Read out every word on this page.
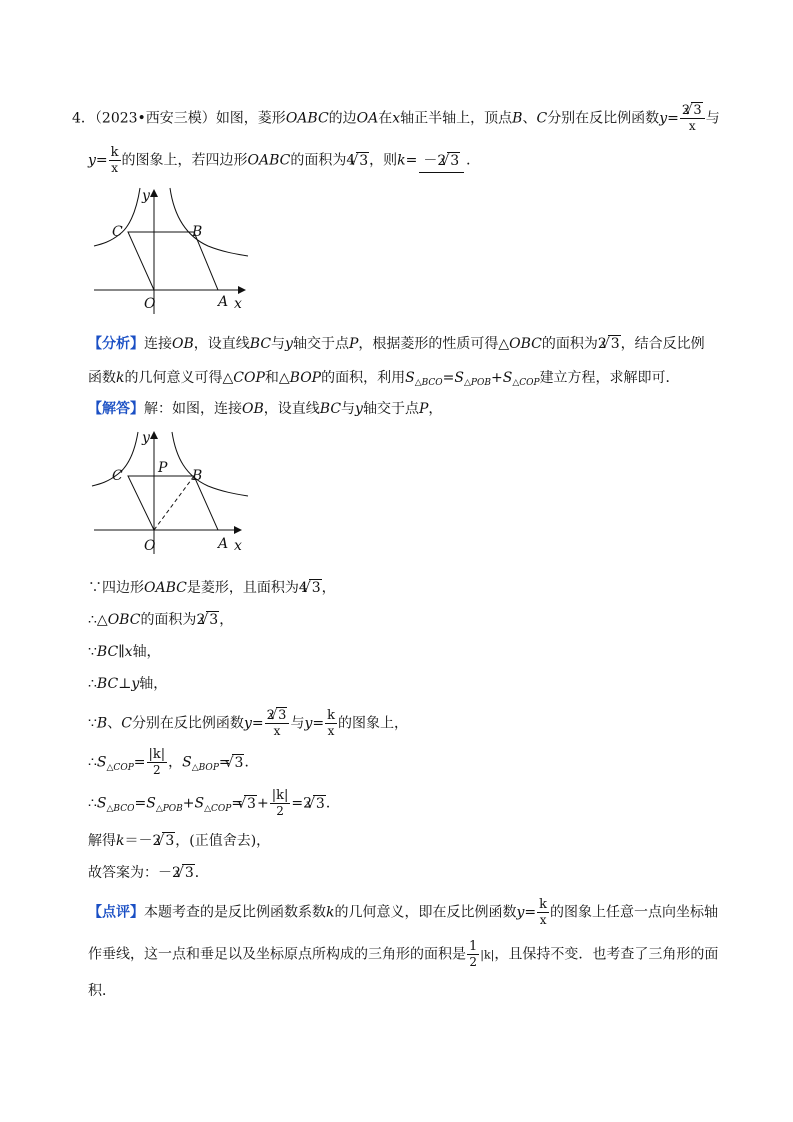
4．（2023•西安三模）如图，菱形OABC的边OA在x轴正半轴上，顶点B、C分别在反比例函数$y= \frac{2√ 3}{x}$ 与
$y= \frac{k}{x}$ 的图象上，若四边形OABC的面积为4√ 3，则k= －2√ 3 ．
y
C	B
O	A x
【分析】连接OB，设直线BC与y轴交于点P，根据菱形的性质可得△OBC的面积为2√ 3，结合反比例
函数k的几何意义可得△COP和△BOP的面积，利用$S_{\triangle BCO}=S_{\triangle POB}+S_{\triangle COP}$建立方程，求解即可．
【解答】解：如图，连接OB，设直线BC与y轴交于点P，
y
C	P B
O	A x
∵四边形OABC是菱形，且面积为4√ 3，
∴△OBC的面积为2√ 3，
∵BC∥x轴，
∴BC⊥y轴，
∵B、C分别在反比例函数$y= \frac{2√ 3}{x}$ 与$y= \frac{k}{x}$ 的图象上，
$\therefore S_{\triangle COP}= \frac{|k|}{2}$ ，$S_{\triangle BOP}=√$ 3．
$\therefore S_{\triangle BCO}=S_{\triangle POB}+S_{\triangle COP}=√$ $3+ \frac{|k|}{2} =2√$ 3．
解得k＝－2√ 3，(正值舍去)，
故答案为：－2√ 3．
【点评】本题考查的是反比例函数系数k的几何意义，即在反比例函数$y= \frac{k}{x}$ 的图象上任意一点向坐标轴
作垂线，这一点和垂足以及坐标原点所构成的三角形的面积是 $\frac{1}{2} |k|$，且保持不变．也考查了三角形的面
积．
